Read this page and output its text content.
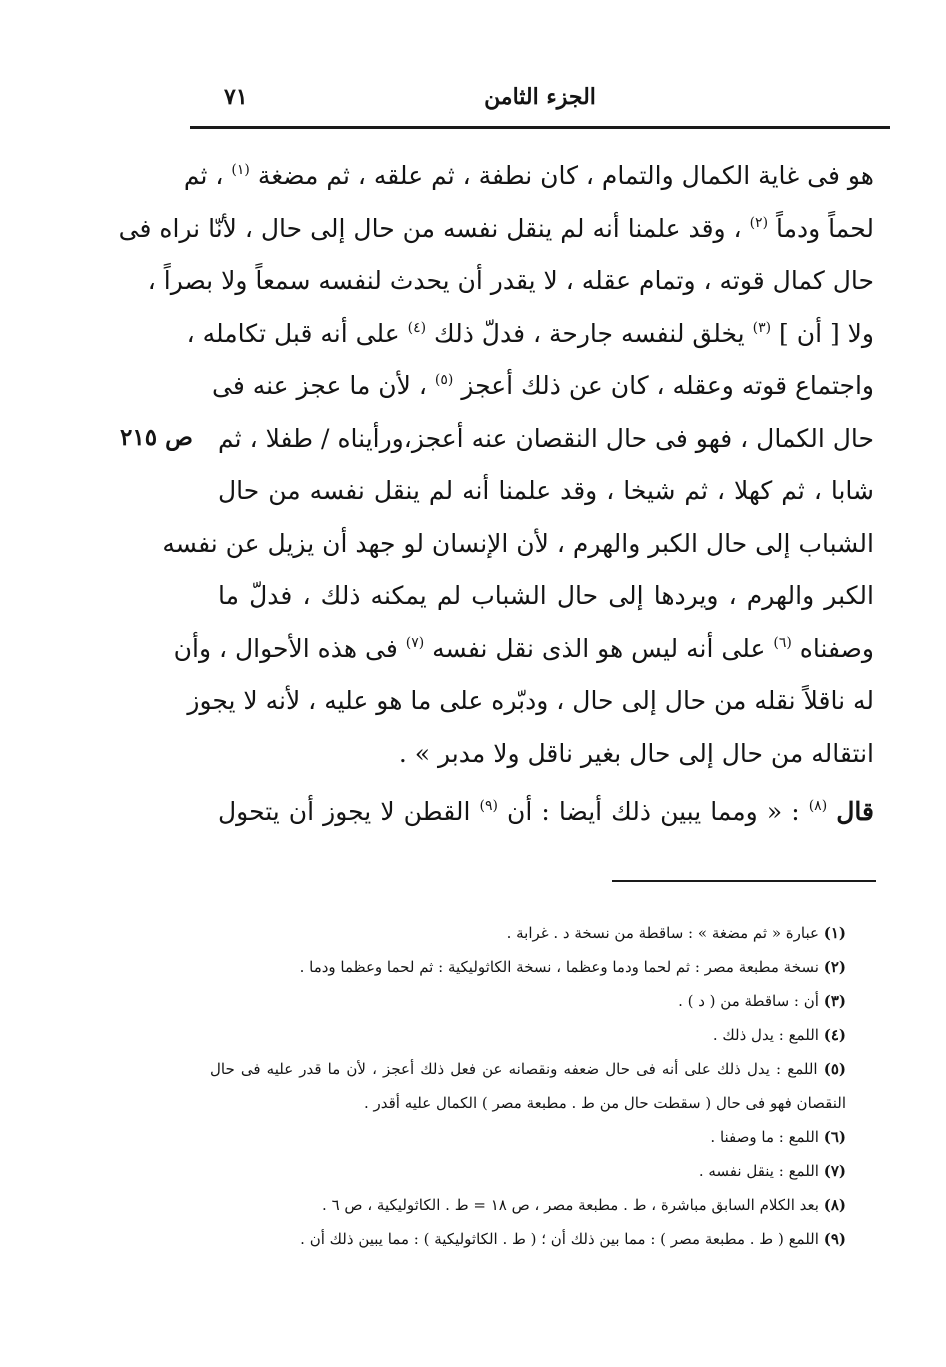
الجزء الثامن
٧١
ص ٢١٥
هو فى غاية الكمال والتمام ، كان نطفة ، ثم علقه ، ثم مضغة $^{(١)}$ ، ثم
لحماً ودماً $^{(٢)}$ ، وقد علمنا أنه لم ينقل نفسه من حال إلى حال ، لأنّا نراه فى
حال كمال قوته ، وتمام عقله ، لا يقدر أن يحدث لنفسه سمعاً ولا بصراً ،
ولا [ أن ] $^{(٣)}$ يخلق لنفسه جارحة ، فدلّ ذلك $^{(٤)}$ على أنه قبل تكامله ،
واجتماع قوته وعقله ، كان عن ذلك أعجز $^{(٥)}$ ، لأن ما عجز عنه فى
حال الكمال ، فهو فى حال النقصان عنه أعجز،ورأيناه / طفلا ، ثم
شابا ، ثم كهلا ، ثم شيخا ، وقد علمنا أنه لم ينقل نفسه من حال
الشباب إلى حال الكبر والهرم ، لأن الإنسان لو جهد أن يزيل عن نفسه
الكبر والهرم ، ويردها إلى حال الشباب لم يمكنه ذلك ، فدلّ ما
وصفناه $^{(٦)}$ على أنه ليس هو الذى نقل نفسه $^{(٧)}$ فى هذه الأحوال ، وأن
له ناقلاً نقله من حال إلى حال ، ودبّره على ما هو عليه ، لأنه لا يجوز
انتقاله من حال إلى حال بغير ناقل ولا مدبر » .
قال $^{(٨)}$ : « ومما يبين ذلك أيضا : أن $^{(٩)}$ القطن لا يجوز أن يتحول
(١) عبارة « ثم مضغة » : ساقطة من نسخة د . غرابة .
(٢) نسخة مطبعة مصر : ثم لحما ودما وعظما ، نسخة الكاثوليكية : ثم لحما وعظما ودما .
(٣) أن : ساقطة من ( د ) .
(٤) اللمع : يدل ذلك .
(٥) اللمع : يدل ذلك على أنه فى حال ضعفه ونقصانه عن فعل ذلك أعجز ، لأن ما قدر عليه فى حال النقصان فهو فى حال ( سقطت حال من ط . مطبعة مصر ) الكمال عليه أقدر .
(٦) اللمع : ما وصفنا .
(٧) اللمع : ينقل نفسه .
(٨) بعد الكلام السابق مباشرة ، ط . مطبعة مصر ، ص ١٨ = ط . الكاثوليكية ، ص ٦ .
(٩) اللمع ( ط . مطبعة مصر ) : مما بين ذلك أن ؛ ( ط . الكاثوليكية ) : مما يبين ذلك أن .
